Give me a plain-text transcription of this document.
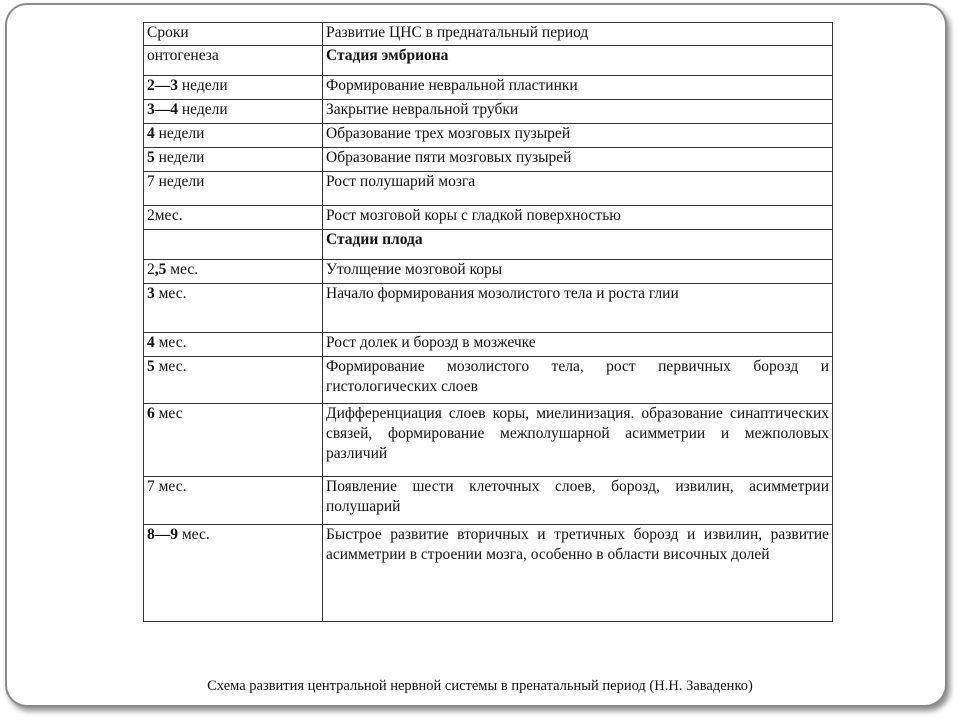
Сроки	Развитие ЦНС в преднатальный период
онтогенеза	Стадия эмбриона
2—3 недели	Формирование невральной пластинки
3—4 недели	Закрытие невральной трубки
4 недели	Образование трех мозговых пузырей
5 недели	Образование пяти мозговых пузырей
7 недели	Рост полушарий мозга
2мес.	Рост мозговой коры с гладкой поверхностью
	Стадии плода
2,5 мес.	Утолщение мозговой коры
3 мес.	Начало формирования мозолистого тела и роста глии
4 мес.	Рост долек и борозд в мозжечке
5 мес.	Формирование мозолистого тела, рост первичных борозд и гистологических слоев
6 мес	Дифференциация слоев коры, миелинизация. образование синаптических связей, формирование межполушарной асимметрии и межполовых различий
7 мес.	Появление шести клеточных слоев, борозд, извилин, асимметрии полушарий
8—9 мес.	Быстрое развитие вторичных и третичных борозд и извилин, развитие асимметрии в строении мозга, особенно в области височных долей
Схема развития центральной нервной системы в пренатальный период (Н.Н. Заваденко)
